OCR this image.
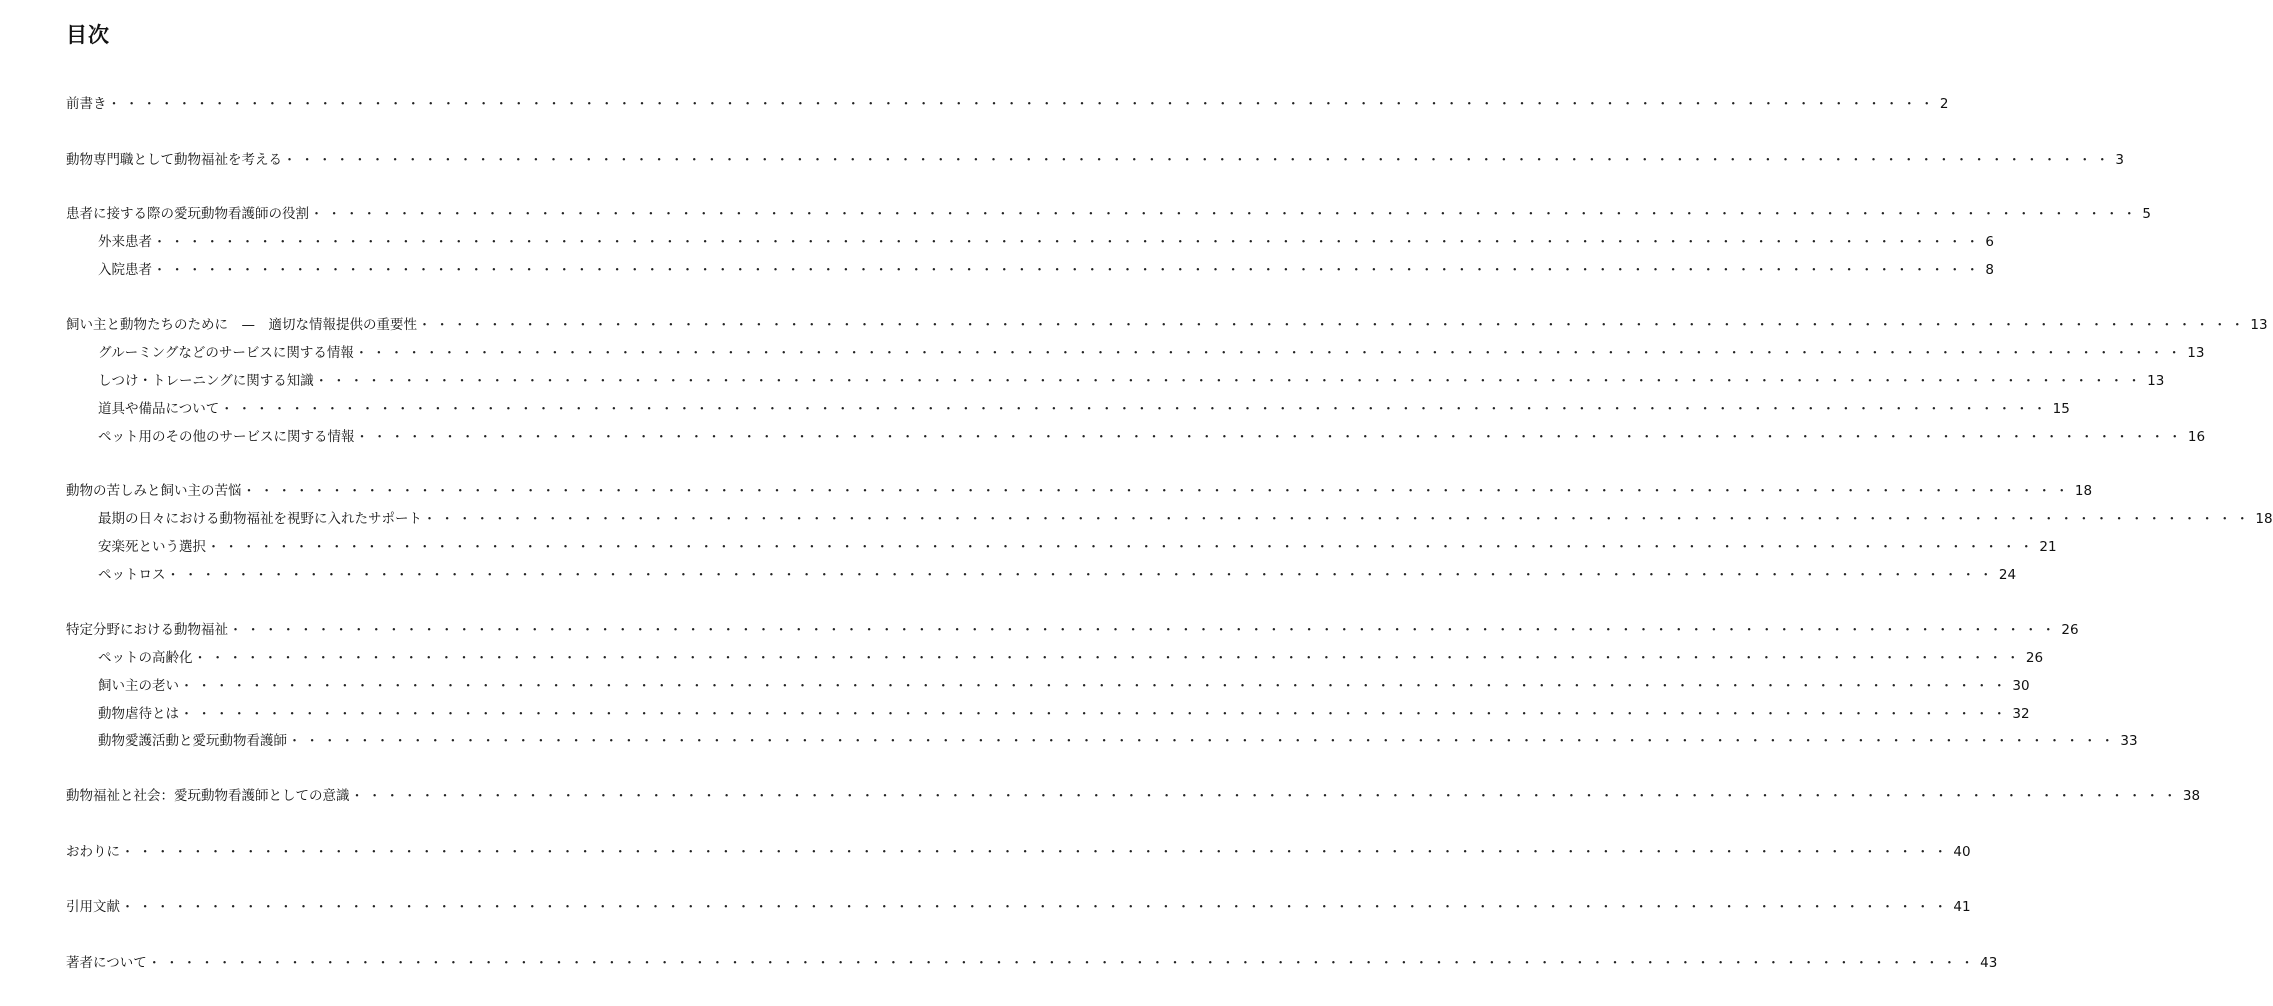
目次
前書き ・・・・・・・・・・・・・・・・・・・・・・・・・・・・・・・・・・・・・・・・・・・・・・・・・・・・・・・・・・・・・・・・・・・・・・・・・・・・・・・・・・・・・・・・・・・・・・・・・・・・・・・・ 2
動物専門職として動物福祉を考える ・・・・・・・・・・・・・・・・・・・・・・・・・・・・・・・・・・・・・・・・・・・・・・・・・・・・・・・・・・・・・・・・・・・・・・・・・・・・・・・・・・・・・・・・・・・・・・・・・・・・・・・・ 3
患者に接する際の愛玩動物看護師の役割 ・・・・・・・・・・・・・・・・・・・・・・・・・・・・・・・・・・・・・・・・・・・・・・・・・・・・・・・・・・・・・・・・・・・・・・・・・・・・・・・・・・・・・・・・・・・・・・・・・・・・・・・・ 5
外来患者 ・・・・・・・・・・・・・・・・・・・・・・・・・・・・・・・・・・・・・・・・・・・・・・・・・・・・・・・・・・・・・・・・・・・・・・・・・・・・・・・・・・・・・・・・・・・・・・・・・・・・・・・・ 6
入院患者 ・・・・・・・・・・・・・・・・・・・・・・・・・・・・・・・・・・・・・・・・・・・・・・・・・・・・・・・・・・・・・・・・・・・・・・・・・・・・・・・・・・・・・・・・・・・・・・・・・・・・・・・・ 8
飼い主と動物たちのために　—　適切な情報提供の重要性 ・・・・・・・・・・・・・・・・・・・・・・・・・・・・・・・・・・・・・・・・・・・・・・・・・・・・・・・・・・・・・・・・・・・・・・・・・・・・・・・・・・・・・・・・・・・・・・・・・・・・・・・・ 13
グルーミングなどのサービスに関する情報 ・・・・・・・・・・・・・・・・・・・・・・・・・・・・・・・・・・・・・・・・・・・・・・・・・・・・・・・・・・・・・・・・・・・・・・・・・・・・・・・・・・・・・・・・・・・・・・・・・・・・・・・・ 13
しつけ・トレーニングに関する知識 ・・・・・・・・・・・・・・・・・・・・・・・・・・・・・・・・・・・・・・・・・・・・・・・・・・・・・・・・・・・・・・・・・・・・・・・・・・・・・・・・・・・・・・・・・・・・・・・・・・・・・・・・ 13
道具や備品について ・・・・・・・・・・・・・・・・・・・・・・・・・・・・・・・・・・・・・・・・・・・・・・・・・・・・・・・・・・・・・・・・・・・・・・・・・・・・・・・・・・・・・・・・・・・・・・・・・・・・・・・・ 15
ペット用のその他のサービスに関する情報 ・・・・・・・・・・・・・・・・・・・・・・・・・・・・・・・・・・・・・・・・・・・・・・・・・・・・・・・・・・・・・・・・・・・・・・・・・・・・・・・・・・・・・・・・・・・・・・・・・・・・・・・・ 16
動物の苦しみと飼い主の苦悩 ・・・・・・・・・・・・・・・・・・・・・・・・・・・・・・・・・・・・・・・・・・・・・・・・・・・・・・・・・・・・・・・・・・・・・・・・・・・・・・・・・・・・・・・・・・・・・・・・・・・・・・・・ 18
最期の日々における動物福祉を視野に入れたサポート ・・・・・・・・・・・・・・・・・・・・・・・・・・・・・・・・・・・・・・・・・・・・・・・・・・・・・・・・・・・・・・・・・・・・・・・・・・・・・・・・・・・・・・・・・・・・・・・・・・・・・・・・ 18
安楽死という選択 ・・・・・・・・・・・・・・・・・・・・・・・・・・・・・・・・・・・・・・・・・・・・・・・・・・・・・・・・・・・・・・・・・・・・・・・・・・・・・・・・・・・・・・・・・・・・・・・・・・・・・・・・ 21
ペットロス ・・・・・・・・・・・・・・・・・・・・・・・・・・・・・・・・・・・・・・・・・・・・・・・・・・・・・・・・・・・・・・・・・・・・・・・・・・・・・・・・・・・・・・・・・・・・・・・・・・・・・・・・ 24
特定分野における動物福祉 ・・・・・・・・・・・・・・・・・・・・・・・・・・・・・・・・・・・・・・・・・・・・・・・・・・・・・・・・・・・・・・・・・・・・・・・・・・・・・・・・・・・・・・・・・・・・・・・・・・・・・・・・ 26
ペットの高齢化 ・・・・・・・・・・・・・・・・・・・・・・・・・・・・・・・・・・・・・・・・・・・・・・・・・・・・・・・・・・・・・・・・・・・・・・・・・・・・・・・・・・・・・・・・・・・・・・・・・・・・・・・・ 26
飼い主の老い ・・・・・・・・・・・・・・・・・・・・・・・・・・・・・・・・・・・・・・・・・・・・・・・・・・・・・・・・・・・・・・・・・・・・・・・・・・・・・・・・・・・・・・・・・・・・・・・・・・・・・・・・ 30
動物虐待とは ・・・・・・・・・・・・・・・・・・・・・・・・・・・・・・・・・・・・・・・・・・・・・・・・・・・・・・・・・・・・・・・・・・・・・・・・・・・・・・・・・・・・・・・・・・・・・・・・・・・・・・・・ 32
動物愛護活動と愛玩動物看護師 ・・・・・・・・・・・・・・・・・・・・・・・・・・・・・・・・・・・・・・・・・・・・・・・・・・・・・・・・・・・・・・・・・・・・・・・・・・・・・・・・・・・・・・・・・・・・・・・・・・・・・・・・ 33
動物福祉と社会：愛玩動物看護師としての意識 ・・・・・・・・・・・・・・・・・・・・・・・・・・・・・・・・・・・・・・・・・・・・・・・・・・・・・・・・・・・・・・・・・・・・・・・・・・・・・・・・・・・・・・・・・・・・・・・・・・・・・・・・ 38
おわりに ・・・・・・・・・・・・・・・・・・・・・・・・・・・・・・・・・・・・・・・・・・・・・・・・・・・・・・・・・・・・・・・・・・・・・・・・・・・・・・・・・・・・・・・・・・・・・・・・・・・・・・・・ 40
引用文献 ・・・・・・・・・・・・・・・・・・・・・・・・・・・・・・・・・・・・・・・・・・・・・・・・・・・・・・・・・・・・・・・・・・・・・・・・・・・・・・・・・・・・・・・・・・・・・・・・・・・・・・・・ 41
著者について ・・・・・・・・・・・・・・・・・・・・・・・・・・・・・・・・・・・・・・・・・・・・・・・・・・・・・・・・・・・・・・・・・・・・・・・・・・・・・・・・・・・・・・・・・・・・・・・・・・・・・・・・ 43
